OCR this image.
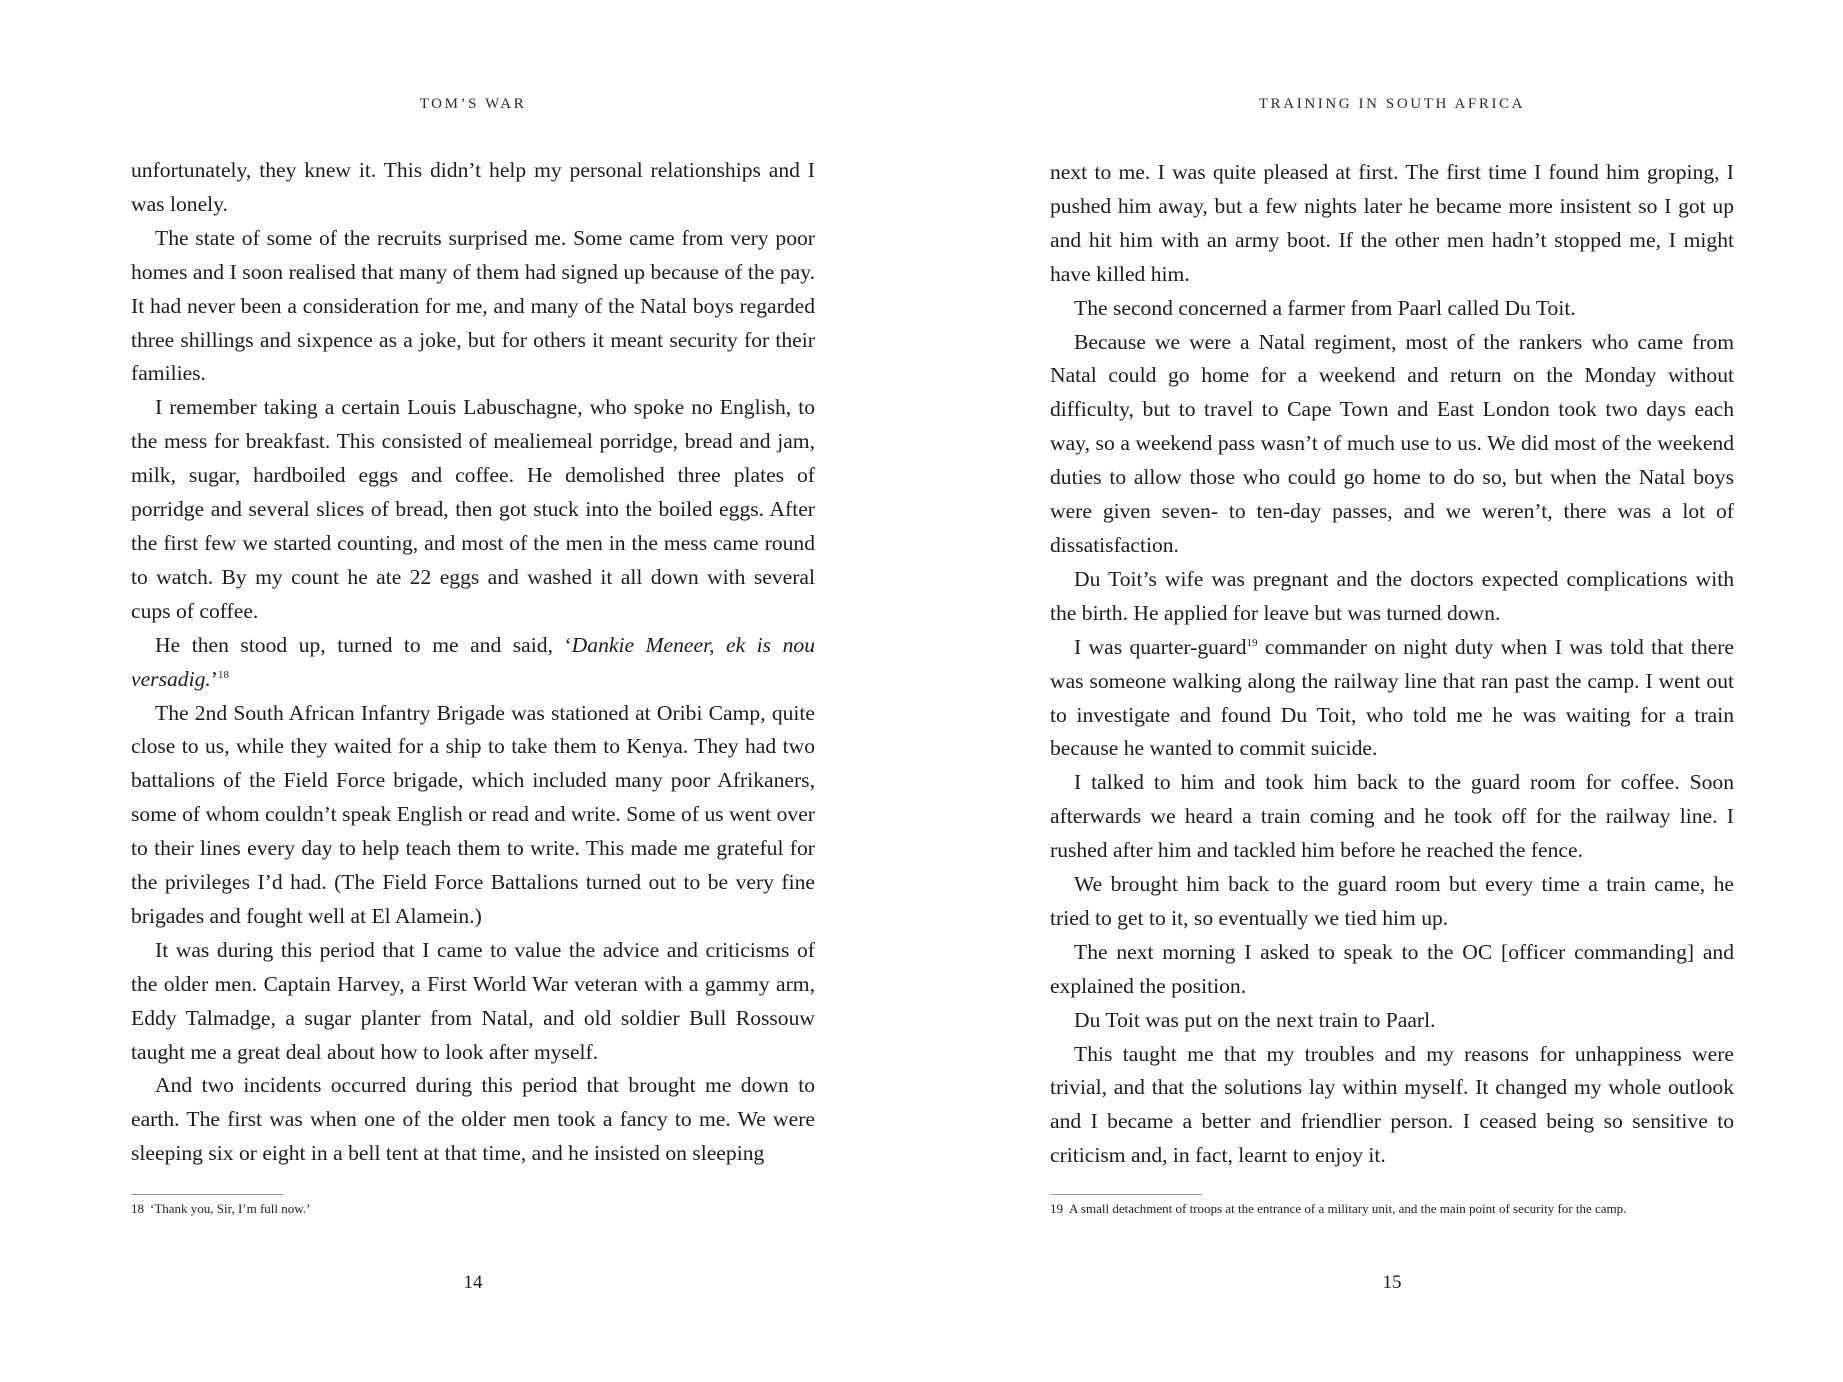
TOM’S WAR

unfortunately, they knew it. This didn’t help my personal relationships and I was lonely.

The state of some of the recruits surprised me. Some came from very poor homes and I soon realised that many of them had signed up because of the pay. It had never been a consideration for me, and many of the Natal boys regarded three shillings and sixpence as a joke, but for others it meant security for their families.

I remember taking a certain Louis Labuschagne, who spoke no English, to the mess for breakfast. This consisted of mealiemeal porridge, bread and jam, milk, sugar, hardboiled eggs and coffee. He demolished three plates of porridge and several slices of bread, then got stuck into the boiled eggs. After the first few we started counting, and most of the men in the mess came round to watch. By my count he ate 22 eggs and washed it all down with several cups of coffee.

He then stood up, turned to me and said, ‘Dankie Meneer, ek is nou versadig.’$^{18}$

The 2nd South African Infantry Brigade was stationed at Oribi Camp, quite close to us, while they waited for a ship to take them to Kenya. They had two battalions of the Field Force brigade, which included many poor Afrikaners, some of whom couldn’t speak English or read and write. Some of us went over to their lines every day to help teach them to write. This made me grateful for the privileges I’d had. (The Field Force Battalions turned out to be very fine brigades and fought well at El Alamein.)

It was during this period that I came to value the advice and criticisms of the older men. Captain Harvey, a First World War veteran with a gammy arm, Eddy Talmadge, a sugar planter from Natal, and old soldier Bull Rossouw taught me a great deal about how to look after myself.

And two incidents occurred during this period that brought me down to earth. The first was when one of the older men took a fancy to me. We were sleeping six or eight in a bell tent at that time, and he insisted on sleeping

18 ‘Thank you, Sir, I’m full now.’
14
TRAINING IN SOUTH AFRICA

next to me. I was quite pleased at first. The first time I found him groping, I pushed him away, but a few nights later he became more insistent so I got up and hit him with an army boot. If the other men hadn’t stopped me, I might have killed him.

The second concerned a farmer from Paarl called Du Toit.

Because we were a Natal regiment, most of the rankers who came from Natal could go home for a weekend and return on the Monday without difficulty, but to travel to Cape Town and East London took two days each way, so a weekend pass wasn’t of much use to us. We did most of the weekend duties to allow those who could go home to do so, but when the Natal boys were given seven- to ten-day passes, and we weren’t, there was a lot of dissatisfaction.

Du Toit’s wife was pregnant and the doctors expected complications with the birth. He applied for leave but was turned down.

I was quarter-guard$^{19}$ commander on night duty when I was told that there was someone walking along the railway line that ran past the camp. I went out to investigate and found Du Toit, who told me he was waiting for a train because he wanted to commit suicide.

I talked to him and took him back to the guard room for coffee. Soon afterwards we heard a train coming and he took off for the railway line. I rushed after him and tackled him before he reached the fence.

We brought him back to the guard room but every time a train came, he tried to get to it, so eventually we tied him up.

The next morning I asked to speak to the OC [officer commanding] and explained the position.

Du Toit was put on the next train to Paarl.

This taught me that my troubles and my reasons for unhappiness were trivial, and that the solutions lay within myself. It changed my whole outlook and I became a better and friendlier person. I ceased being so sensitive to criticism and, in fact, learnt to enjoy it.

19 A small detachment of troops at the entrance of a military unit, and the main point of security for the camp.
15
